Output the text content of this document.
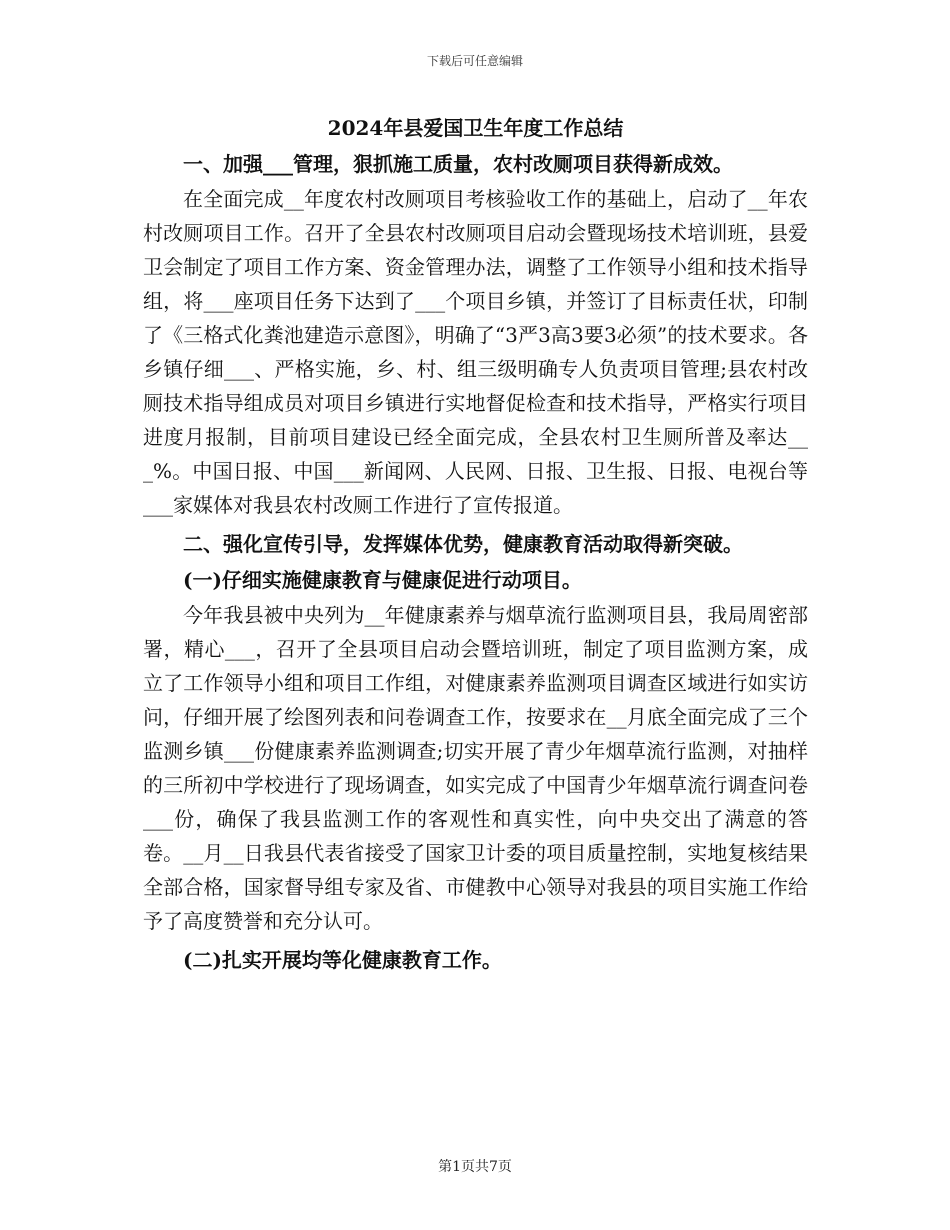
下载后可任意编辑
2024年县爱国卫生年度工作总结

一、加强___管理，狠抓施工质量，农村改厕项目获得新成效。

在全面完成__年度农村改厕项目考核验收工作的基础上，启动了__年农村改厕项目工作。召开了全县农村改厕项目启动会暨现场技术培训班，县爱卫会制定了项目工作方案、资金管理办法，调整了工作领导小组和技术指导组，将___座项目任务下达到了___个项目乡镇，并签订了目标责任状，印制了《三格式化粪池建造示意图》，明确了“3严3高3要3必须”的技术要求。各乡镇仔细___、严格实施，乡、村、组三级明确专人负责项目管理;县农村改厕技术指导组成员对项目乡镇进行实地督促检查和技术指导，严格实行项目进度月报制，目前项目建设已经全面完成，全县农村卫生厕所普及率达___%。中国日报、中国___新闻网、人民网、日报、卫生报、日报、电视台等___家媒体对我县农村改厕工作进行了宣传报道。

二、强化宣传引导，发挥媒体优势，健康教育活动取得新突破。

(一)仔细实施健康教育与健康促进行动项目。

今年我县被中央列为__年健康素养与烟草流行监测项目县，我局周密部署，精心___，召开了全县项目启动会暨培训班，制定了项目监测方案，成立了工作领导小组和项目工作组，对健康素养监测项目调查区域进行如实访问，仔细开展了绘图列表和问卷调查工作，按要求在__月底全面完成了三个监测乡镇___份健康素养监测调查;切实开展了青少年烟草流行监测，对抽样的三所初中学校进行了现场调查，如实完成了中国青少年烟草流行调查问卷___份，确保了我县监测工作的客观性和真实性，向中央交出了满意的答卷。__月__日我县代表省接受了国家卫计委的项目质量控制，实地复核结果全部合格，国家督导组专家及省、市健教中心领导对我县的项目实施工作给予了高度赞誉和充分认可。

(二)扎实开展均等化健康教育工作。

第1页共7页
